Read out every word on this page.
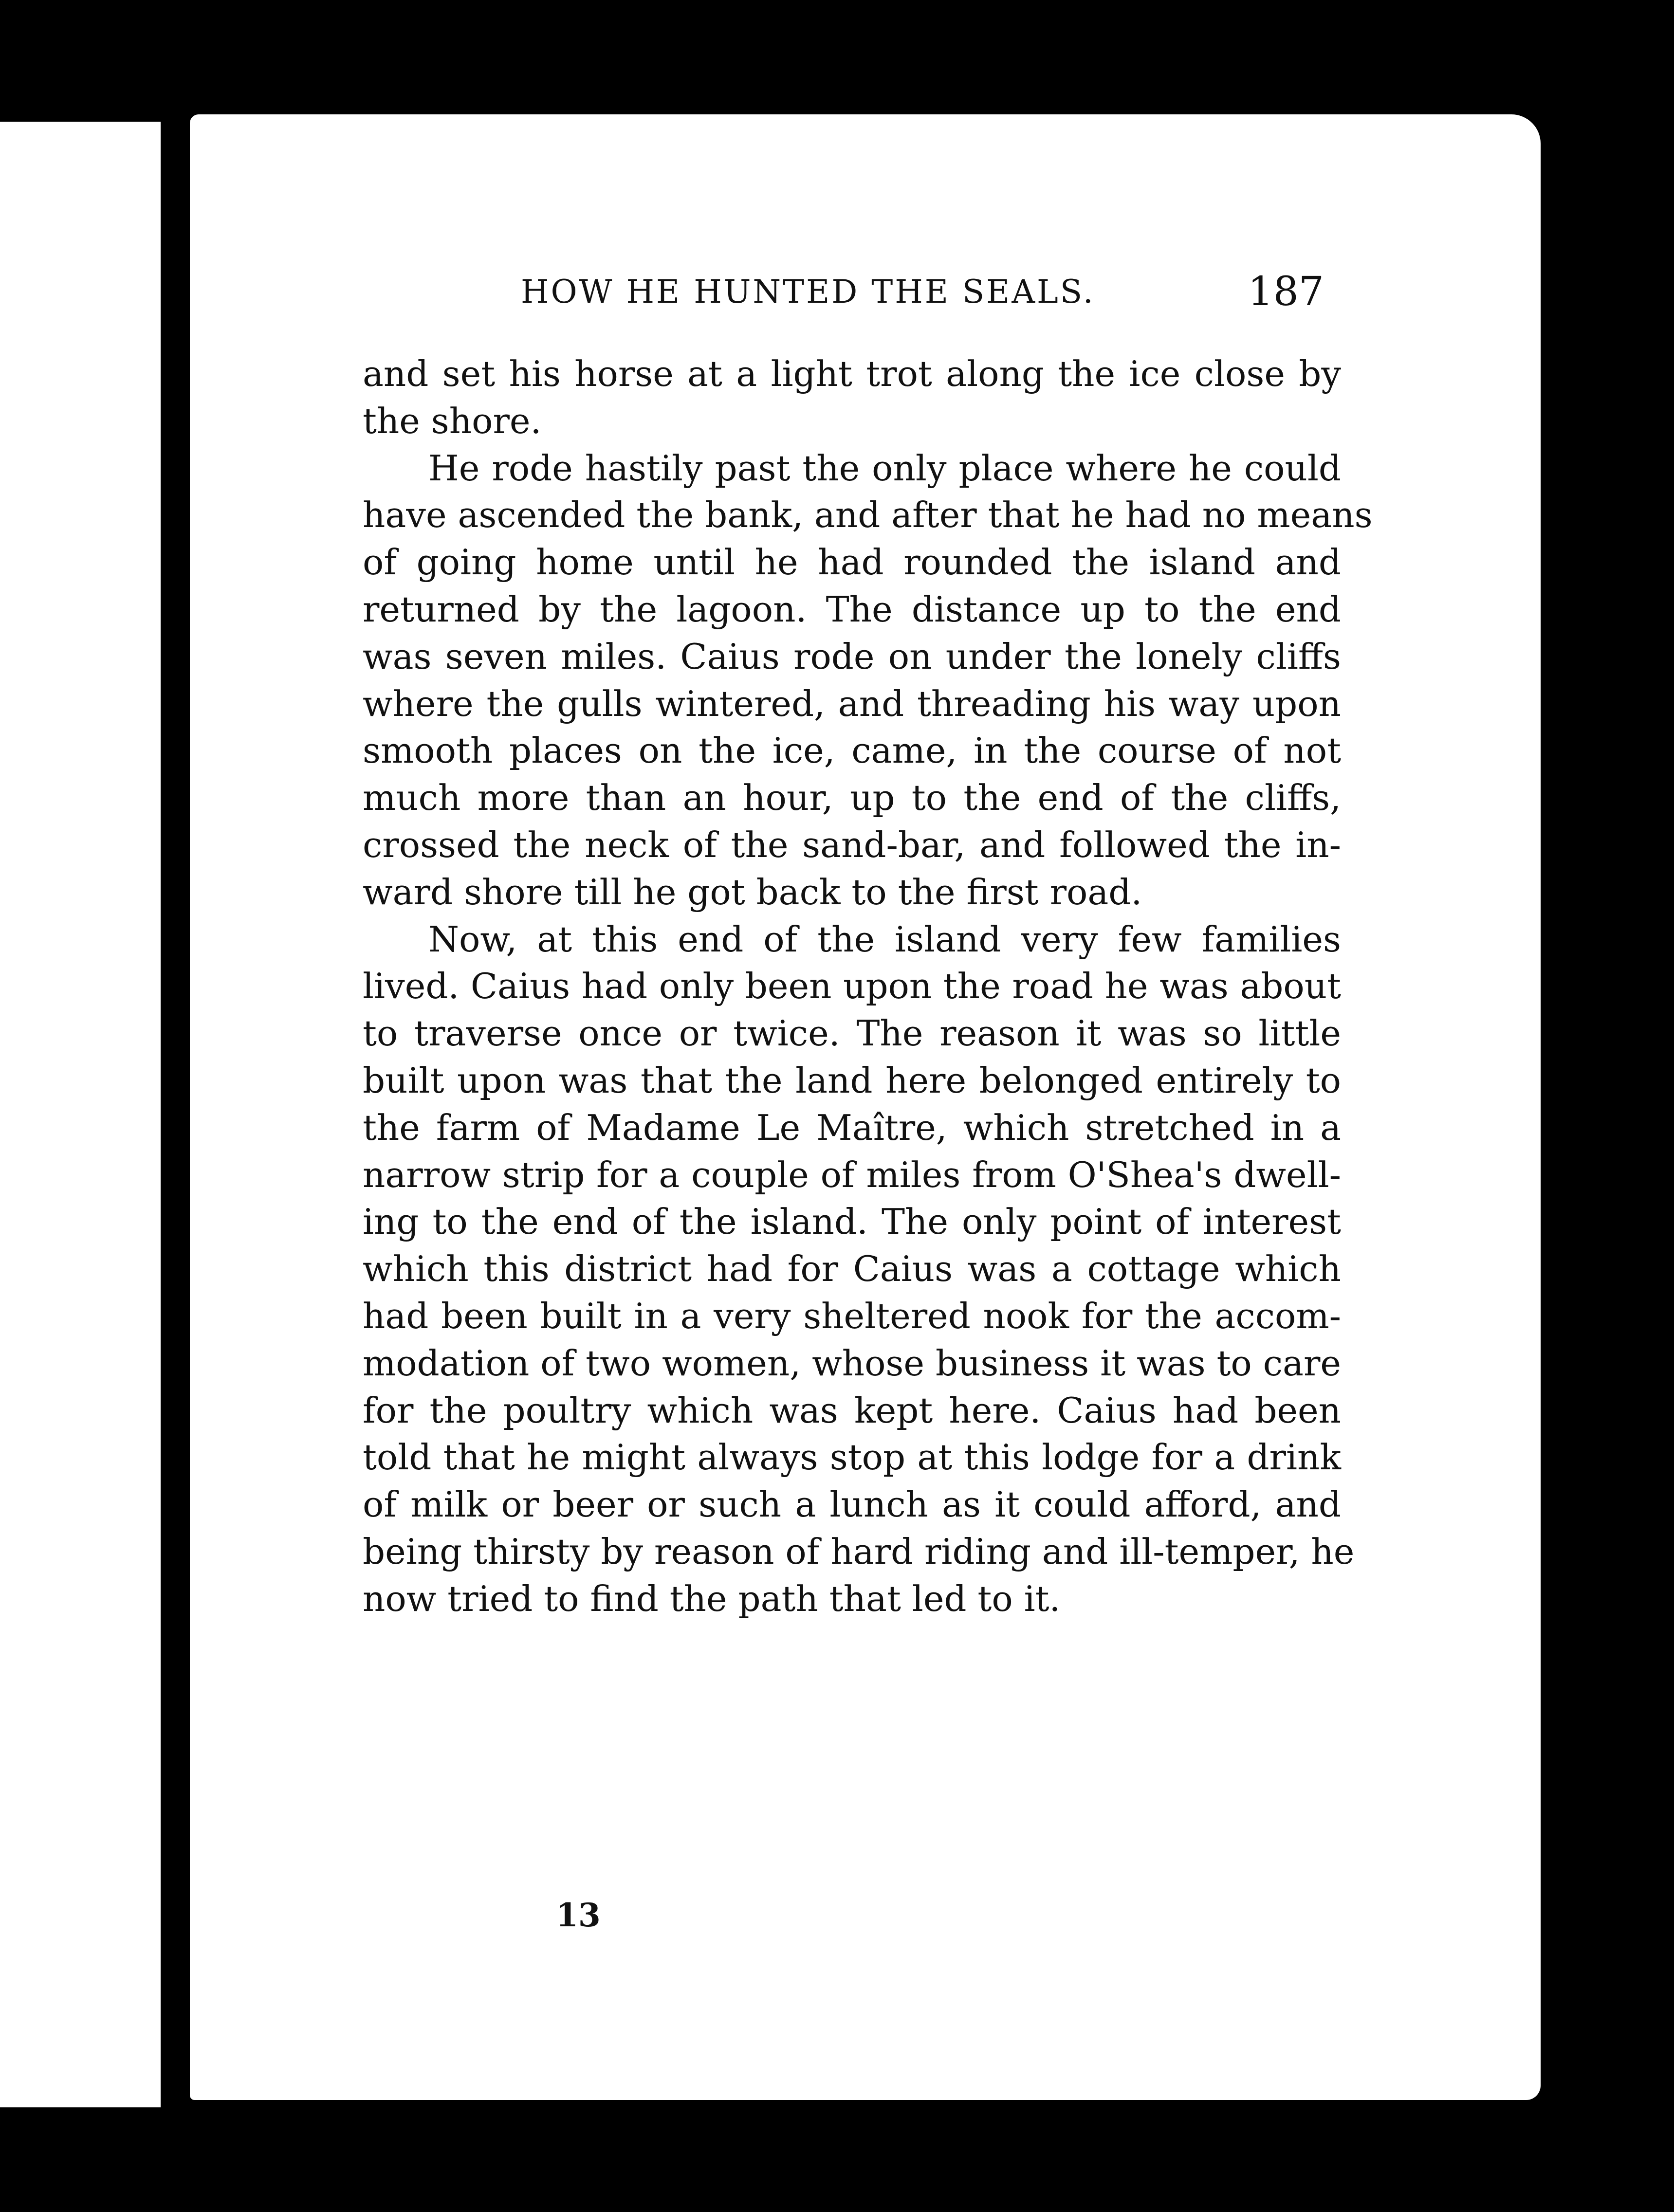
HOW HE HUNTED THE SEALS.	187
and set his horse at a light trot along the ice close by
the shore.
He rode hastily past the only place where he could
have ascended the bank, and after that he had no means
of going home until he had rounded the island and
returned by the lagoon. The distance up to the end
was seven miles. Caius rode on under the lonely cliffs
where the gulls wintered, and threading his way upon
smooth places on the ice, came, in the course of not
much more than an hour, up to the end of the cliffs,
crossed the neck of the sand-bar, and followed the in-
ward shore till he got back to the first road.
Now, at this end of the island very few families
lived. Caius had only been upon the road he was about
to traverse once or twice. The reason it was so little
built upon was that the land here belonged entirely to
the farm of Madame Le Maître, which stretched in a
narrow strip for a couple of miles from O'Shea's dwell-
ing to the end of the island. The only point of interest
which this district had for Caius was a cottage which
had been built in a very sheltered nook for the accom-
modation of two women, whose business it was to care
for the poultry which was kept here. Caius had been
told that he might always stop at this lodge for a drink
of milk or beer or such a lunch as it could afford, and
being thirsty by reason of hard riding and ill-temper, he
now tried to find the path that led to it.
13
